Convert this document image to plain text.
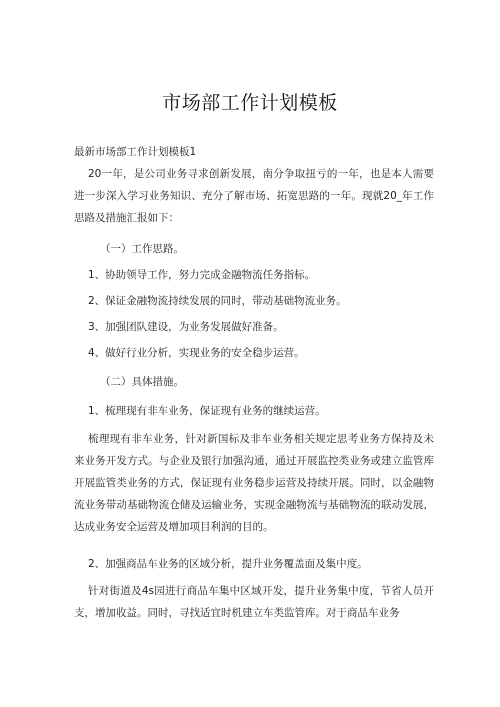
市场部工作计划模板
最新市场部工作计划模板1

20一年，是公司业务寻求创新发展，南分争取扭亏的一年，也是本人需要进一步深入学习业务知识、充分了解市场、拓宽思路的一年。现就20_年工作思路及措施汇报如下：

（一）工作思路。
1、协助领导工作，努力完成金融物流任务指标。
2、保证金融物流持续发展的同时，带动基础物流业务。
3、加强团队建设，为业务发展做好准备。
4、做好行业分析，实现业务的安全稳步运营。
（二）具体措施。
1、梳理现有非车业务，保证现有业务的继续运营。

梳理现有非车业务，针对新国标及非车业务相关规定思考业务方保持及未来业务开发方式。与企业及银行加强沟通，通过开展监控类业务或建立监管库开展监管类业务的方式，保证现有业务稳步运营及持续开展。同时，以金融物流业务带动基础物流仓储及运输业务，实现金融物流与基础物流的联动发展，达成业务安全运营及增加项目利润的目的。

2、加强商品车业务的区域分析，提升业务覆盖面及集中度。

针对街道及4s园进行商品车集中区域开发，提升业务集中度，节省人员开支，增加收益。同时，寻找适宜时机建立车类监管库。对于商品车业务
